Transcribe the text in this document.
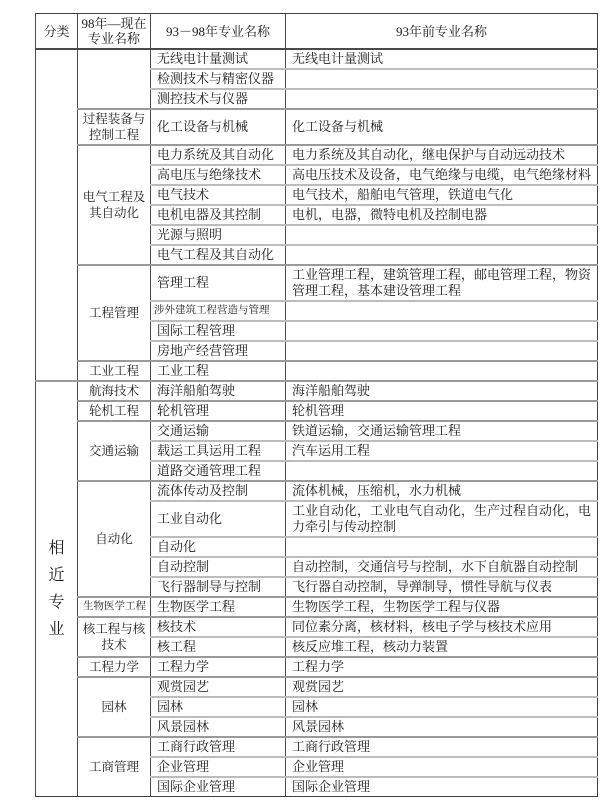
分类	98年—现在专业名称	93－98年专业名称	93年前专业名称
		无线电计量测试	无线电计量测试
		检测技术与精密仪器	
		测控技术与仪器	
	过程装备与控制工程	化工设备与机械	化工设备与机械
	电气工程及其自动化	电力系统及其自动化	电力系统及其自动化，继电保护与自动远动技术
		高电压与绝缘技术	高电压技术及设备，电气绝缘与电缆，电气绝缘材料
		电气技术	电气技术，船舶电气管理，铁道电气化
		电机电器及其控制	电机，电器，微特电机及控制电器
		光源与照明	
		电气工程及其自动化	
	工程管理	管理工程	工业管理工程，建筑管理工程，邮电管理工程，物资管理工程，基本建设管理工程
		涉外建筑工程营造与管理	
		国际工程管理	
		房地产经营管理	
	工业工程	工业工程	
相近专业	航海技术	海洋船舶驾驶	海洋船舶驾驶
	轮机工程	轮机管理	轮机管理
	交通运输	交通运输	铁道运输，交通运输管理工程
		载运工具运用工程	汽车运用工程
		道路交通管理工程	
	自动化	流体传动及控制	流体机械，压缩机，水力机械
		工业自动化	工业自动化，工业电气自动化，生产过程自动化，电力牵引与传动控制
		自动化	
		自动控制	自动控制，交通信号与控制，水下自航器自动控制
		飞行器制导与控制	飞行器自动控制，导弹制导，惯性导航与仪表
	生物医学工程	生物医学工程	生物医学工程，生物医学工程与仪器
	核工程与核技术	核技术	同位素分离，核材料，核电子学与核技术应用
		核工程	核反应堆工程，核动力装置
	工程力学	工程力学	工程力学
	园林	观赏园艺	观赏园艺
		园林	园林
		风景园林	风景园林
	工商管理	工商行政管理	工商行政管理
		企业管理	企业管理
		国际企业管理	国际企业管理
